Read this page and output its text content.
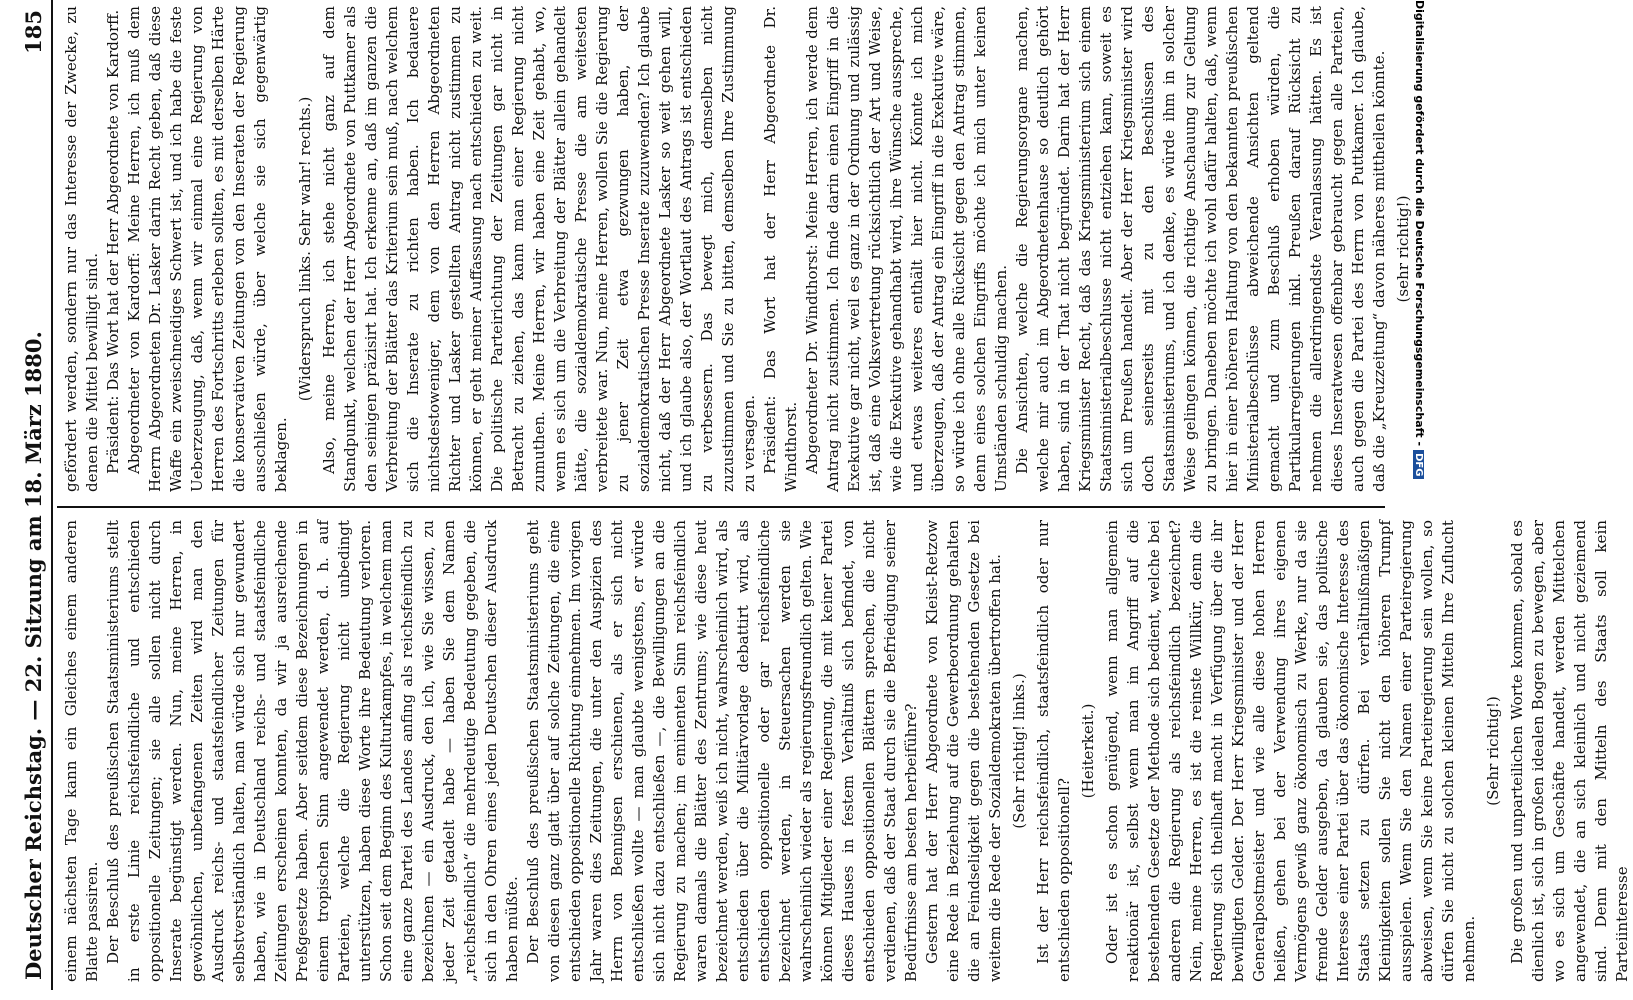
Deutscher Reichstag. — 22. Sitzung am 18. März 1880.
185

einem nächsten Tage kann ein Gleiches einem anderen Blatte passiren. Der Beschluß des preußischen Staatsministeriums stellt in erste Linie reichsfeindliche und entschieden oppositionelle Zeitungen; sie alle sollen nicht durch Inserate begünstigt werden. Nun, meine Herren, in gewöhnlichen, unbefangenen Zeiten wird man den Ausdruck reichs- und staatsfeindlicher Zeitungen für selbstverständlich halten, man würde sich nur gewundert haben, wie in Deutschland reichs- und staatsfeindliche Zeitungen erscheinen konnten, da wir ja ausreichende Preßgesetze haben. Aber seitdem diese Bezeichnungen in einem tropischen Sinn angewendet werden, d. h. auf Parteien, welche die Regierung nicht unbedingt unterstützen, haben diese Worte ihre Bedeutung verloren. Schon seit dem Beginn des Kulturkampfes, in welchem man eine ganze Partei des Landes anfing als reichsfeindlich zu bezeichnen — ein Ausdruck, den ich, wie Sie wissen, zu jeder Zeit getadelt habe — haben Sie dem Namen „reichsfeindlich“ die mehrdeutige Bedeutung gegeben, die sich in den Ohren eines jeden Deutschen dieser Ausdruck haben müßte. Der Beschluß des preußischen Staatsministeriums geht von diesen ganz glatt über auf solche Zeitungen, die eine entschieden oppositionelle Richtung einnehmen. Im vorigen Jahr waren dies Zeitungen, die unter den Auspizien des Herrn von Bennigsen erschienen, als er sich nicht entschließen wollte — man glaubte wenigstens, er würde sich nicht dazu entschließen —, die Bewilligungen an die Regierung zu machen; im eminenten Sinn reichsfeindlich waren damals die Blätter des Zentrums; wie diese heut bezeichnet werden, weiß ich nicht, wahrscheinlich wird, als entschieden über die Militärvorlage debattirt wird, als entschieden oppositionelle oder gar reichsfeindliche bezeichnet werden, in Steuersachen werden sie wahrscheinlich wieder als regierungsfreundlich gelten. Wie können Mitglieder einer Regierung, die mit keiner Partei dieses Hauses in festem Verhältniß sich befindet, von entschieden oppositionellen Blättern sprechen, die nicht verdienen, daß der Staat durch sie die Befriedigung seiner Bedürfnisse am besten herbeiführe? Gestern hat der Herr Abgeordnete von Kleist-Retzow eine Rede in Beziehung auf die Gewerbeordnung gehalten die an Feindseligkeit gegen die bestehenden Gesetze bei weitem die Rede der Sozialdemokraten übertroffen hat. (Sehr richtig! links.) Ist der Herr reichsfeindlich, staatsfeindlich oder nur entschieden oppositionell?

(Heiterkeit.) Oder ist es schon genügend, wenn man allgemein reaktionär ist, selbst wenn man im Angriff auf die bestehenden Gesetze der Methode sich bedient, welche bei anderen die Regierung als reichsfeindlich bezeichnet? Nein, meine Herren, es ist die reinste Willkür, denn die Regierung sich theilhaft macht in Verfügung über die ihr bewilligten Gelder. Der Herr Kriegsminister und der Herr Generalpostmeister und wie alle diese hohen Herren heißen, gehen bei der Verwendung ihres eigenen Vermögens gewiß ganz ökonomisch zu Werke, nur da sie fremde Gelder ausgeben, da glauben sie, das politische Interesse einer Partei über das ökonomische Interesse des Staats setzen zu dürfen. Bei verhältnißmäßigen Kleinigkeiten sollen Sie nicht den höheren Trumpf ausspielen. Wenn Sie den Namen einer Parteiregierung abweisen, wenn Sie keine Parteiregierung sein wollen, so dürfen Sie nicht zu solchen kleinen Mitteln Ihre Zuflucht nehmen.

(Sehr richtig!) Die großen und unparteilichen Worte kommen, sobald es dienlich ist, sich in großen idealen Bogen zu bewegen, aber wo es sich um Geschäfte handelt, werden Mittelchen angewendet, die an sich kleinlich und nicht geziemend sind. Denn mit den Mitteln des Staats soll kein Parteiinteresse

gefördert werden, sondern nur das Interesse der Zwecke, zu denen die Mittel bewilligt sind. Präsident: Das Wort hat der Herr Abgeordnete von Kardorff. Abgeordneter von Kardorff: Meine Herren, ich muß dem Herrn Abgeordneten Dr. Lasker darin Recht geben, daß diese Waffe ein zweischneidiges Schwert ist, und ich habe die feste Ueberzeugung, daß, wenn wir einmal eine Regierung von Herren des Fortschritts erleben sollten, es mit derselben Härte die konservativen Zeitungen von den Inseraten der Regierung ausschließen würde, über welche sie sich gegenwärtig beklagen.

(Widerspruch links. Sehr wahr! rechts.) Also, meine Herren, ich stehe nicht ganz auf dem Standpunkt, welchen der Herr Abgeordnete von Puttkamer als den seinigen präzisirt hat. Ich erkenne an, daß im ganzen die Verbreitung der Blätter das Kriterium sein muß, nach welchem sich die Inserate zu richten haben. Ich bedauere nichtsdestoweniger, dem von den Herren Abgeordneten Richter und Lasker gestellten Antrag nicht zustimmen zu können, er geht meiner Auffassung nach entschieden zu weit. Die politische Parteirichtung der Zeitungen gar nicht in Betracht zu ziehen, das kann man einer Regierung nicht zumuthen. Meine Herren, wir haben eine Zeit gehabt, wo, wenn es sich um die Verbreitung der Blätter allein gehandelt hätte, die sozialdemokratische Presse die am weitesten verbreitete war. Nun, meine Herren, wollen Sie die Regierung zu jener Zeit etwa gezwungen haben, der sozialdemokratischen Presse Inserate zuzuwenden? Ich glaube nicht, daß der Herr Abgeordnete Lasker so weit gehen will, und ich glaube also, der Wortlaut des Antrags ist entschieden zu verbessern. Das bewegt mich, demselben nicht zuzustimmen und Sie zu bitten, demselben Ihre Zustimmung zu versagen. Präsident: Das Wort hat der Herr Abgeordnete Dr. Windthorst. Abgeordneter Dr. Windthorst: Meine Herren, ich werde dem Antrag nicht zustimmen. Ich finde darin einen Eingriff in die Exekutive gar nicht, weil es ganz in der Ordnung und zulässig ist, daß eine Volksvertretung rücksichtlich der Art und Weise, wie die Exekutive gehandhabt wird, ihre Wünsche ausspreche, und etwas weiteres enthält hier nicht. Könnte ich mich überzeugen, daß der Antrag ein Eingriff in die Exekutive wäre, so würde ich ohne alle Rücksicht gegen den Antrag stimmen, denn eines solchen Eingriffs möchte ich mich unter keinen Umständen schuldig machen. Die Ansichten, welche die Regierungsorgane machen, welche mir auch im Abgeordnetenhause so deutlich gehört haben, sind in der That nicht begründet. Darin hat der Herr Kriegsminister Recht, daß das Kriegsministerium sich einem Staatsministerialbeschlusse nicht entziehen kann, soweit es sich um Preußen handelt. Aber der Herr Kriegsminister wird doch seinerseits mit zu den Beschlüssen des Staatsministeriums, und ich denke, es würde ihm in solcher Weise gelingen können, die richtige Anschauung zur Geltung zu bringen. Daneben möchte ich wohl dafür halten, daß, wenn hier in einer höheren Haltung von den bekannten preußischen Ministerialbeschlüsse abweichende Ansichten geltend gemacht und zum Beschluß erhoben würden, die Partikularregierungen inkl. Preußen darauf Rücksicht zu nehmen die allerdringendste Veranlassung hätten. Es ist dieses Inseratwesen offenbar gebraucht gegen alle Parteien, auch gegen die Partei des Herrn von Puttkamer. Ich glaube, daß die „Kreuzzeitung“ davon näheres mittheilen könnte. (sehr richtig!) Digitalisierung gefördert durch die Deutsche Forschungsgemeinschaft -DFG
